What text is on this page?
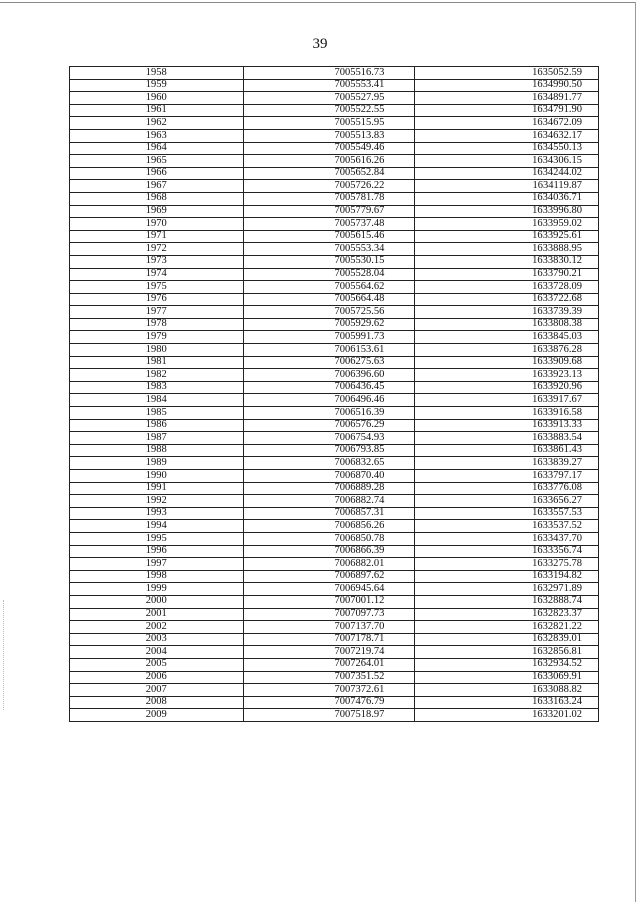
39
1958	7005516.73	1635052.59
1959	7005553.41	1634990.50
1960	7005527.95	1634891.77
1961	7005522.55	1634791.90
1962	7005515.95	1634672.09
1963	7005513.83	1634632.17
1964	7005549.46	1634550.13
1965	7005616.26	1634306.15
1966	7005652.84	1634244.02
1967	7005726.22	1634119.87
1968	7005781.78	1634036.71
1969	7005779.67	1633996.80
1970	7005737.48	1633959.02
1971	7005615.46	1633925.61
1972	7005553.34	1633888.95
1973	7005530.15	1633830.12
1974	7005528.04	1633790.21
1975	7005564.62	1633728.09
1976	7005664.48	1633722.68
1977	7005725.56	1633739.39
1978	7005929.62	1633808.38
1979	7005991.73	1633845.03
1980	7006153.61	1633876.28
1981	7006275.63	1633909.68
1982	7006396.60	1633923.13
1983	7006436.45	1633920.96
1984	7006496.46	1633917.67
1985	7006516.39	1633916.58
1986	7006576.29	1633913.33
1987	7006754.93	1633883.54
1988	7006793.85	1633861.43
1989	7006832.65	1633839.27
1990	7006870.40	1633797.17
1991	7006889.28	1633776.08
1992	7006882.74	1633656.27
1993	7006857.31	1633557.53
1994	7006856.26	1633537.52
1995	7006850.78	1633437.70
1996	7006866.39	1633356.74
1997	7006882.01	1633275.78
1998	7006897.62	1633194.82
1999	7006945.64	1632971.89
2000	7007001.12	1632888.74
2001	7007097.73	1632823.37
2002	7007137.70	1632821.22
2003	7007178.71	1632839.01
2004	7007219.74	1632856.81
2005	7007264.01	1632934.52
2006	7007351.52	1633069.91
2007	7007372.61	1633088.82
2008	7007476.79	1633163.24
2009	7007518.97	1633201.02
